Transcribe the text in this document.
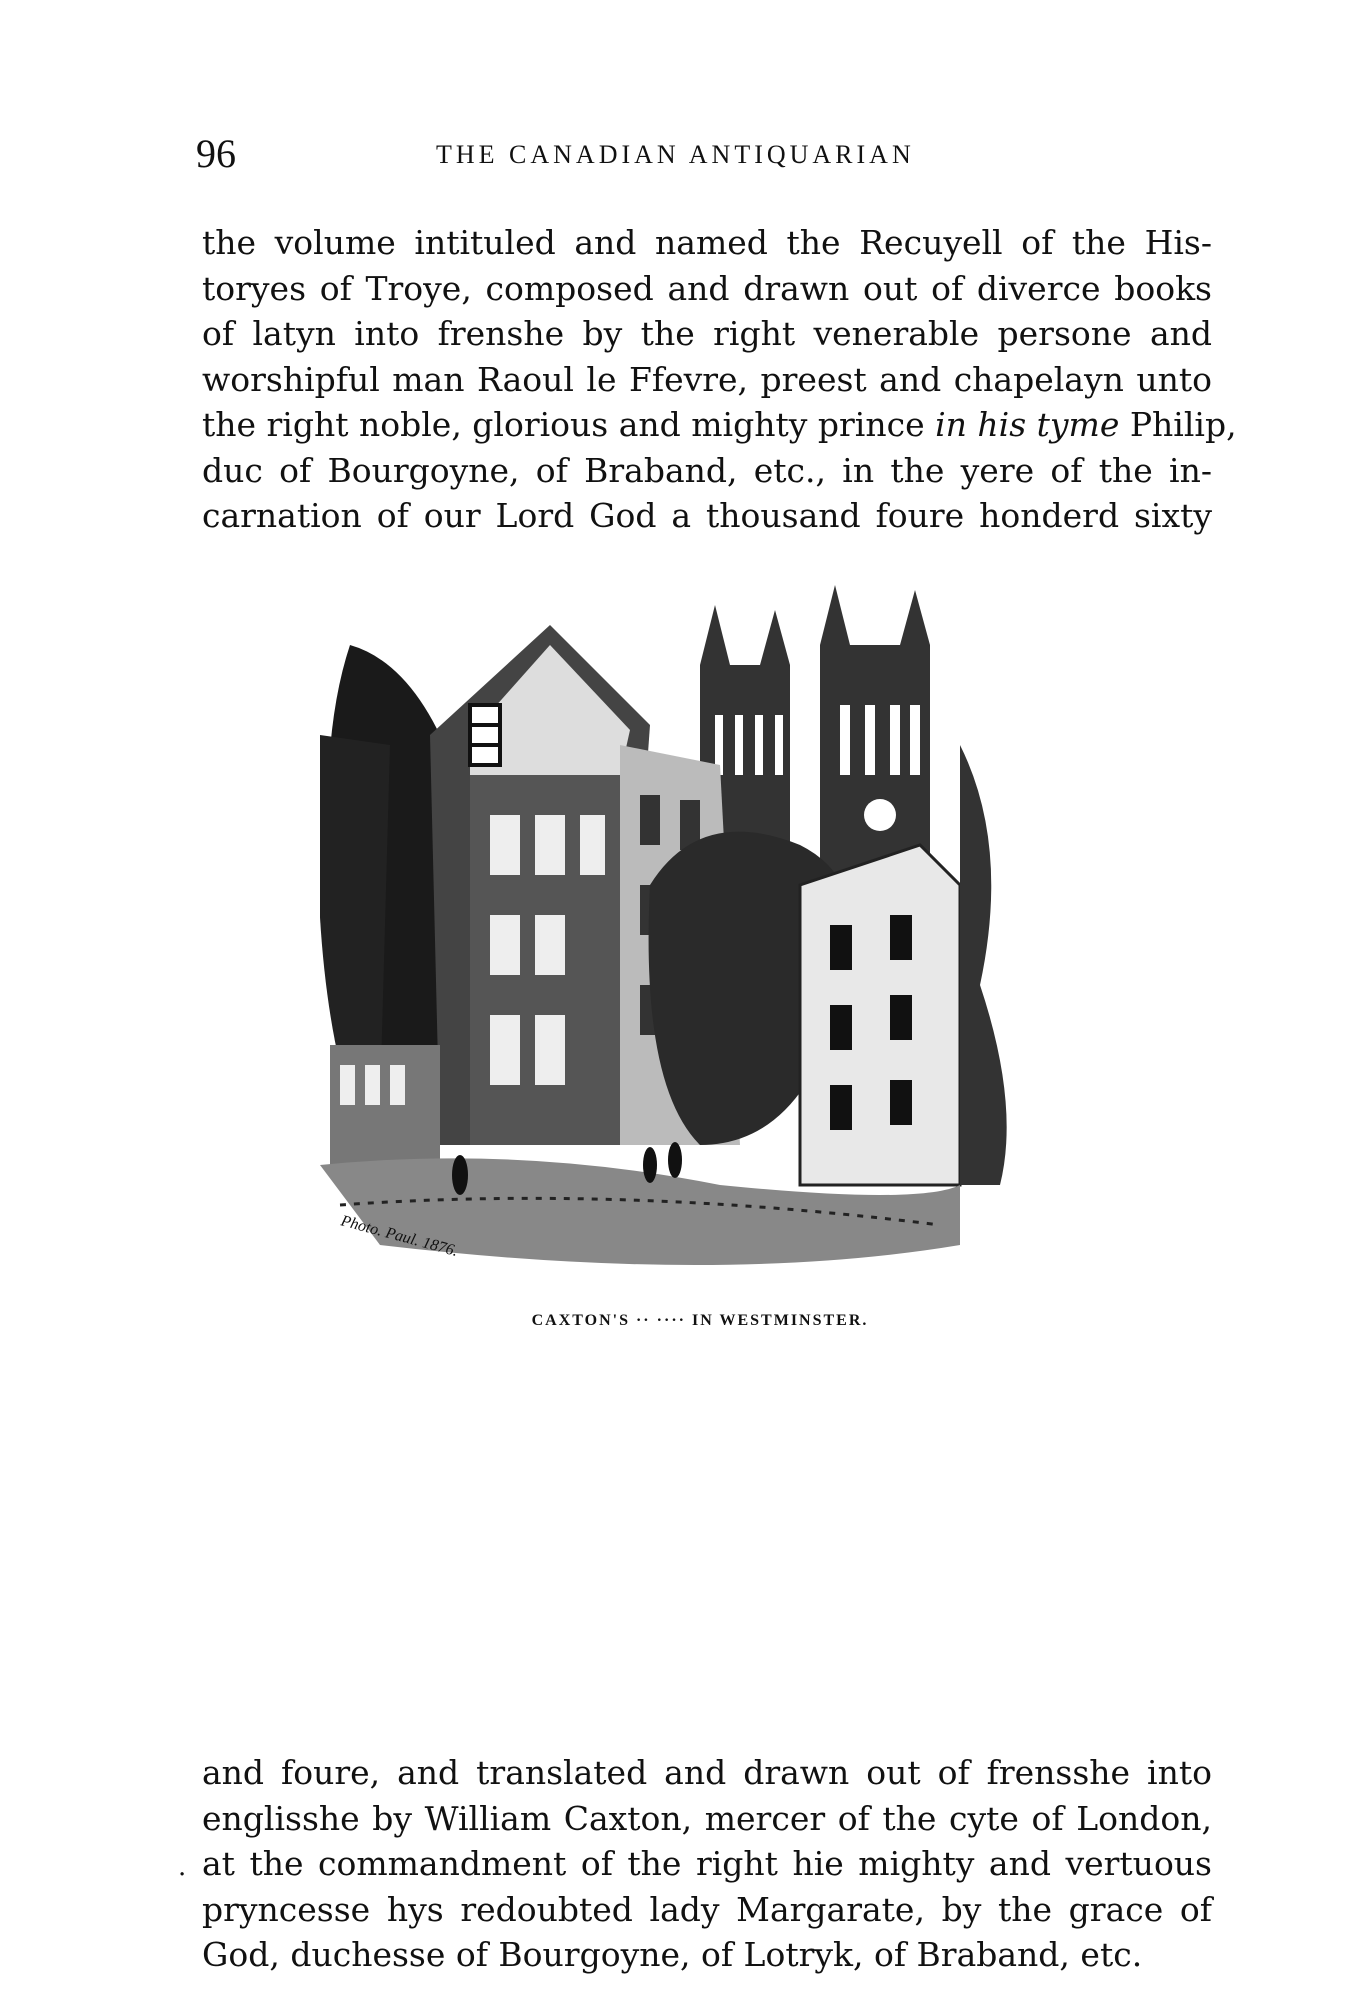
96	THE CANADIAN ANTIQUARIAN
the volume intituled and named the Recuyell of the His-
toryes of Troye, composed and drawn out of diverce books
of latyn into frenshe by the right venerable persone and
worshipful man Raoul le Ffevre, preest and chapelayn unto
the right noble, glorious and mighty prince in his tyme Philip,
duc of Bourgoyne, of Braband, etc., in the yere of the in-
carnation of our Lord God a thousand foure honderd sixty
Photo. Paul. 1876.
CAXTON'S ·· ···· IN WESTMINSTER.
and foure, and translated and drawn out of frensshe into
englisshe by William Caxton, mercer of the cyte of London,
at the commandment of the right hie mighty and vertuous
pryncesse hys redoubted lady Margarate, by the grace of
God, duchesse of Bourgoyne, of Lotryk, of Braband, etc.
·
